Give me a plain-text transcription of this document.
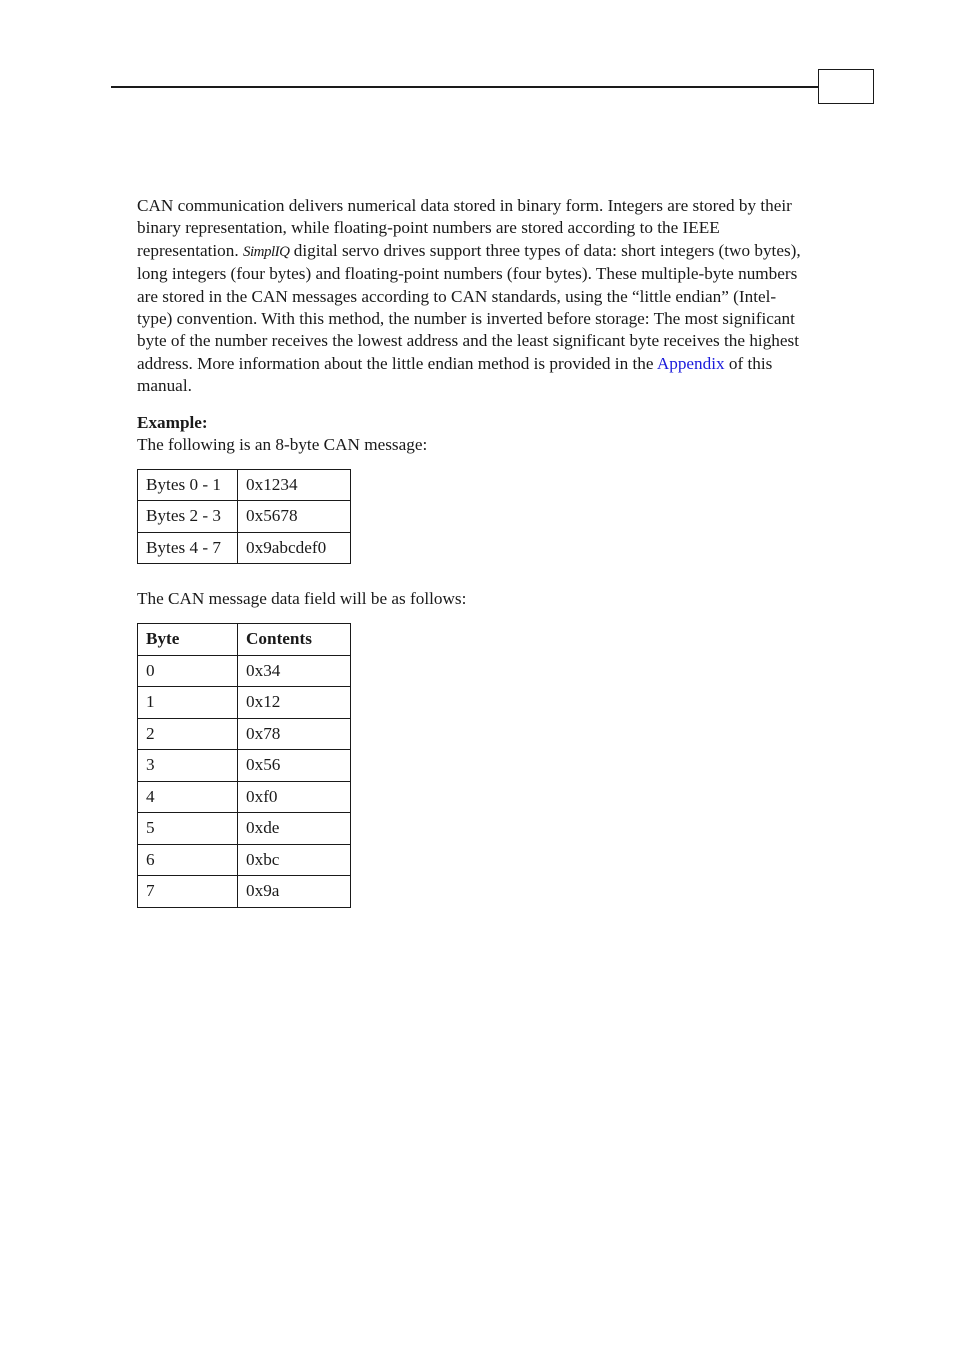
CAN communication delivers numerical data stored in binary form. Integers are stored by their binary representation, while floating-point numbers are stored according to the IEEE representation. SimplIQ digital servo drives support three types of data: short integers (two bytes), long integers (four bytes) and floating-point numbers (four bytes). These multiple-byte numbers are stored in the CAN messages according to CAN standards, using the “little endian” (Intel-type) convention. With this method, the number is inverted before storage: The most significant byte of the number receives the lowest address and the least significant byte receives the highest address. More information about the little endian method is provided in the Appendix of this manual.

Example:

The following is an 8-byte CAN message:

Bytes 0 - 1	0x1234
Bytes 2 - 3	0x5678
Bytes 4 - 7	0x9abcdef0

The CAN message data field will be as follows:

Byte	Contents
0	0x34
1	0x12
2	0x78
3	0x56
4	0xf0
5	0xde
6	0xbc
7	0x9a
